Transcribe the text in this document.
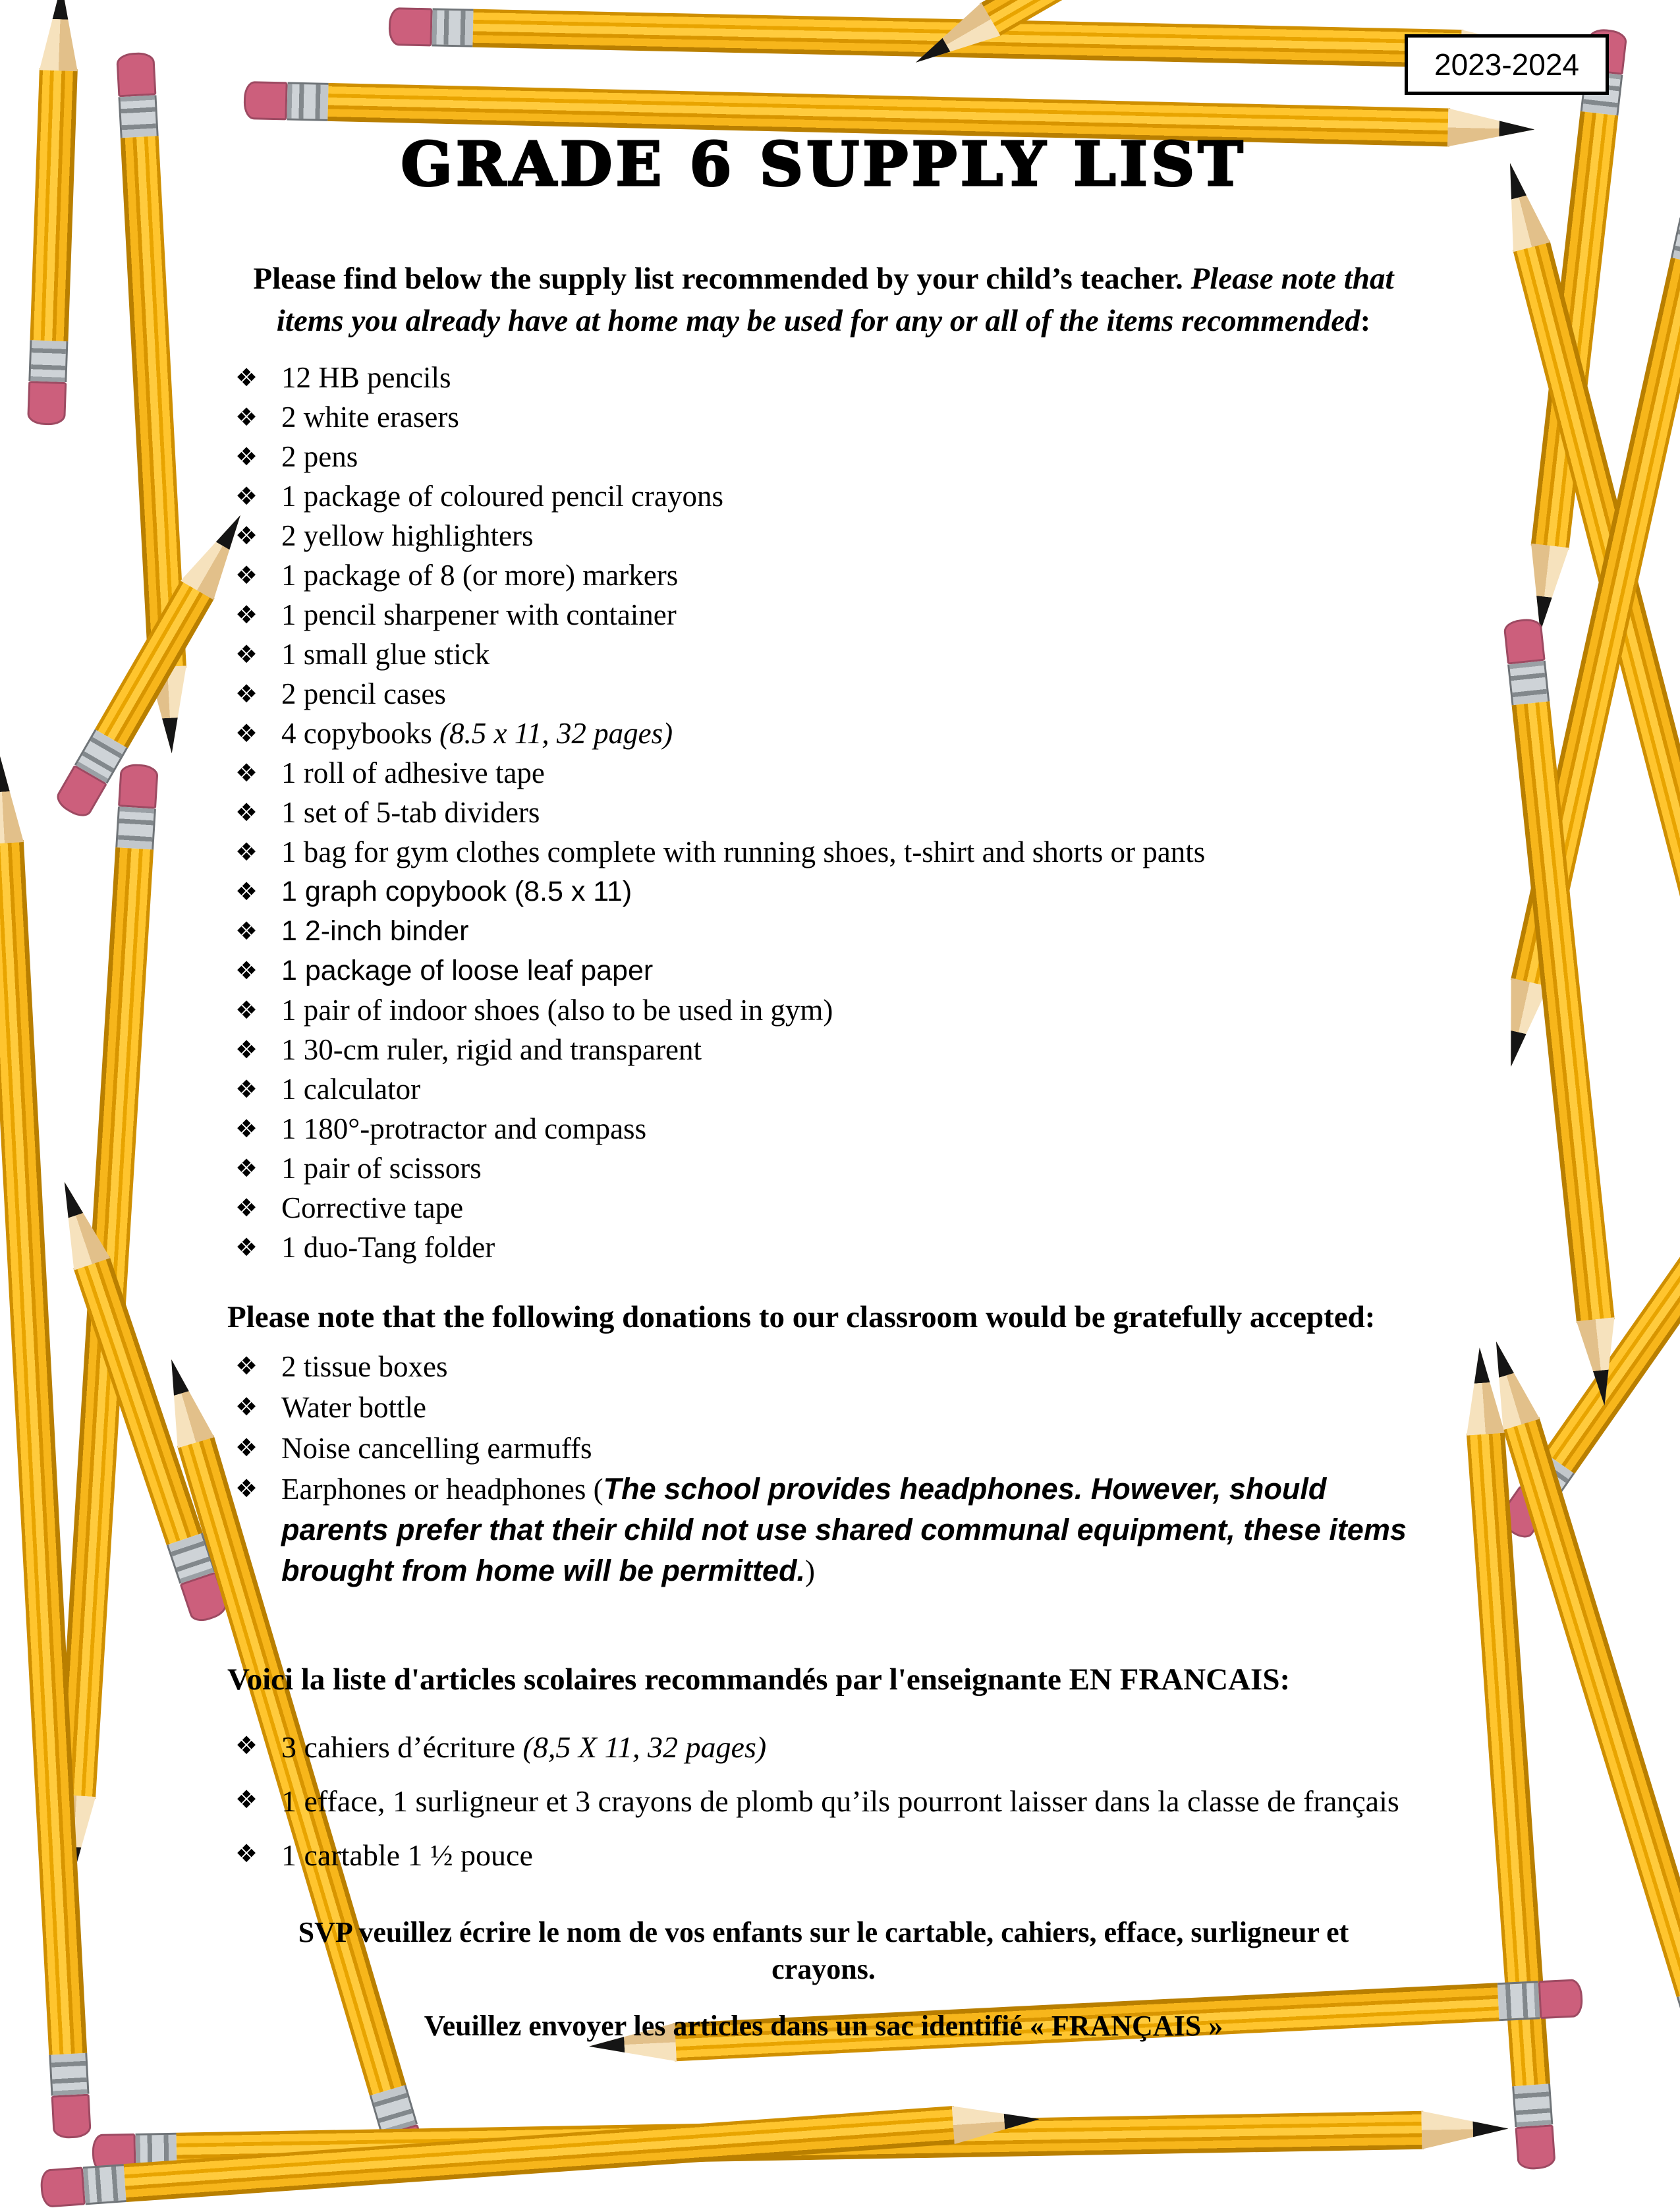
2023-2024
GRADE 6 SUPPLY LIST

Please find below the supply list recommended by your child’s teacher. Please note that items you already have at home may be used for any or all of the items recommended:

❖ 12 HB pencils
❖ 2 white erasers
❖ 2 pens
❖ 1 package of coloured pencil crayons
❖ 2 yellow highlighters
❖ 1 package of 8 (or more) markers
❖ 1 pencil sharpener with container
❖ 1 small glue stick
❖ 2 pencil cases
❖ 4 copybooks (8.5 x 11, 32 pages)
❖ 1 roll of adhesive tape
❖ 1 set of 5-tab dividers
❖ 1 bag for gym clothes complete with running shoes, t-shirt and shorts or pants
❖ 1 graph copybook (8.5 x 11)
❖ 1 2-inch binder
❖ 1 package of loose leaf paper
❖ 1 pair of indoor shoes (also to be used in gym)
❖ 1 30-cm ruler, rigid and transparent
❖ 1 calculator
❖ 1 180°-protractor and compass
❖ 1 pair of scissors
❖ Corrective tape
❖ 1 duo-Tang folder
Please note that the following donations to our classroom would be gratefully accepted:
❖ 2 tissue boxes
❖ Water bottle
❖ Noise cancelling earmuffs
❖ Earphones or headphones (The school provides headphones. However, should parents prefer that their child not use shared communal equipment, these items brought from home will be permitted.)
Voici la liste d'articles scolaires recommandés par l'enseignante EN FRANCAIS:
❖ 3 cahiers d’écriture (8,5 X 11, 32 pages)
❖ 1 efface, 1 surligneur et 3 crayons de plomb qu’ils pourront laisser dans la classe de français
❖ 1 cartable 1 ½ pouce

SVP veuillez écrire le nom de vos enfants sur le cartable, cahiers, efface, surligneur et crayons.

Veuillez envoyer les articles dans un sac identifié « FRANÇAIS »
